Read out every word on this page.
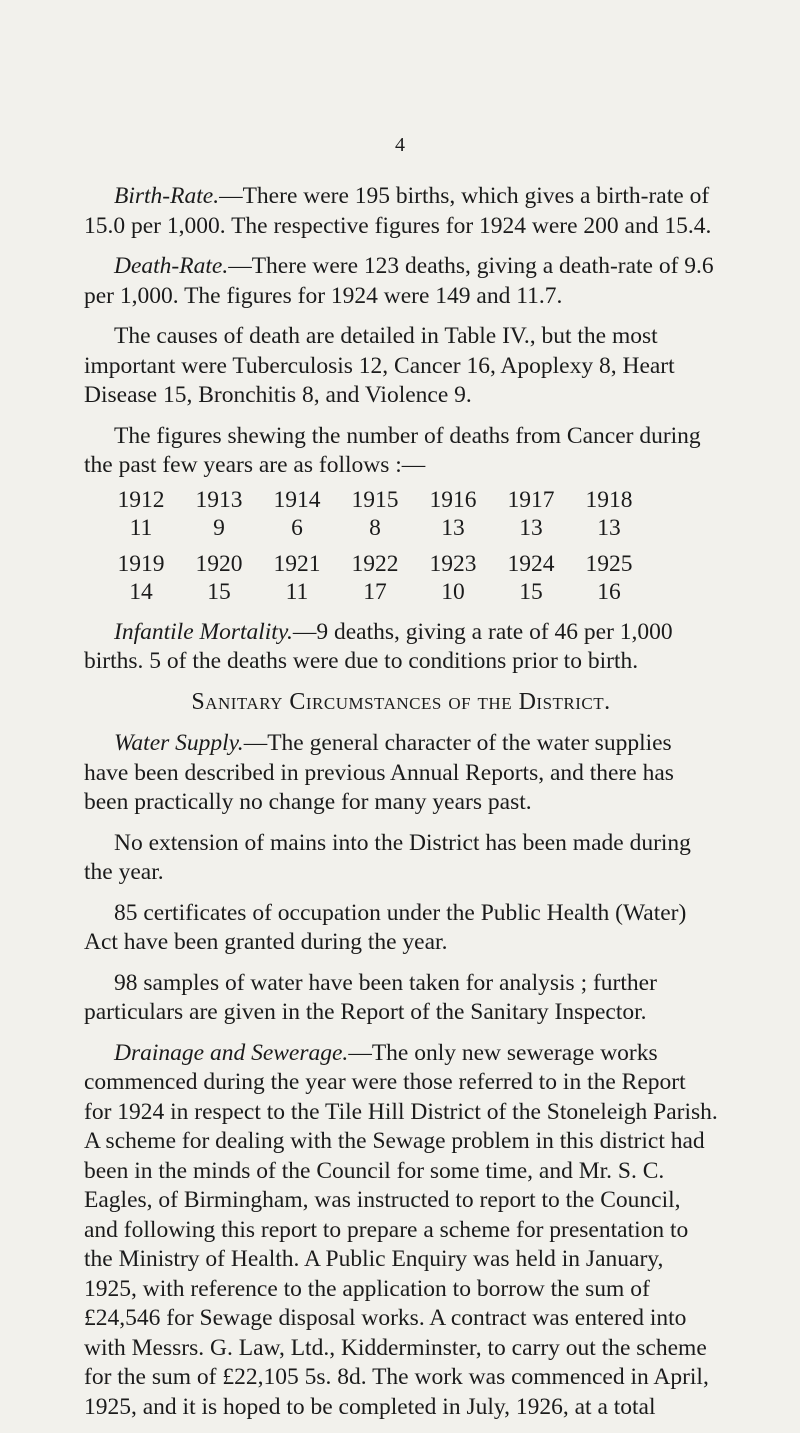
4

Birth-Rate.—There were 195 births, which gives a birth-rate of 15.0 per 1,000. The respective figures for 1924 were 200 and 15.4.

Death-Rate.—There were 123 deaths, giving a death-rate of 9.6 per 1,000. The figures for 1924 were 149 and 11.7.

The causes of death are detailed in Table IV., but the most important were Tuberculosis 12, Cancer 16, Apoplexy 8, Heart Disease 15, Bronchitis 8, and Violence 9.

The figures shewing the number of deaths from Cancer during the past few years are as follows :—

1912	1913	1914	1915	1916	1917	1918
11	9	6	8	13	13	13

1919	1920	1921	1922	1923	1924	1925
14	15	11	17	10	15	16

Infantile Mortality.—9 deaths, giving a rate of 46 per 1,000 births. 5 of the deaths were due to conditions prior to birth.

Sanitary Circumstances of the District.

Water Supply.—The general character of the water supplies have been described in previous Annual Reports, and there has been practically no change for many years past.

No extension of mains into the District has been made during the year.

85 certificates of occupation under the Public Health (Water) Act have been granted during the year.

98 samples of water have been taken for analysis ; further particulars are given in the Report of the Sanitary Inspector.

Drainage and Sewerage.—The only new sewerage works commenced during the year were those referred to in the Report for 1924 in respect to the Tile Hill District of the Stoneleigh Parish. A scheme for dealing with the Sewage problem in this district had been in the minds of the Council for some time, and Mr. S. C. Eagles, of Birmingham, was instructed to report to the Council, and following this report to prepare a scheme for presentation to the Ministry of Health. A Public Enquiry was held in January, 1925, with reference to the application to borrow the sum of £24,546 for Sewage disposal works. A contract was entered into with Messrs. G. Law, Ltd., Kidderminster, to carry out the scheme for the sum of £22,105 5s. 8d. The work was commenced in April, 1925, and it is hoped to be completed in July, 1926, at a total
